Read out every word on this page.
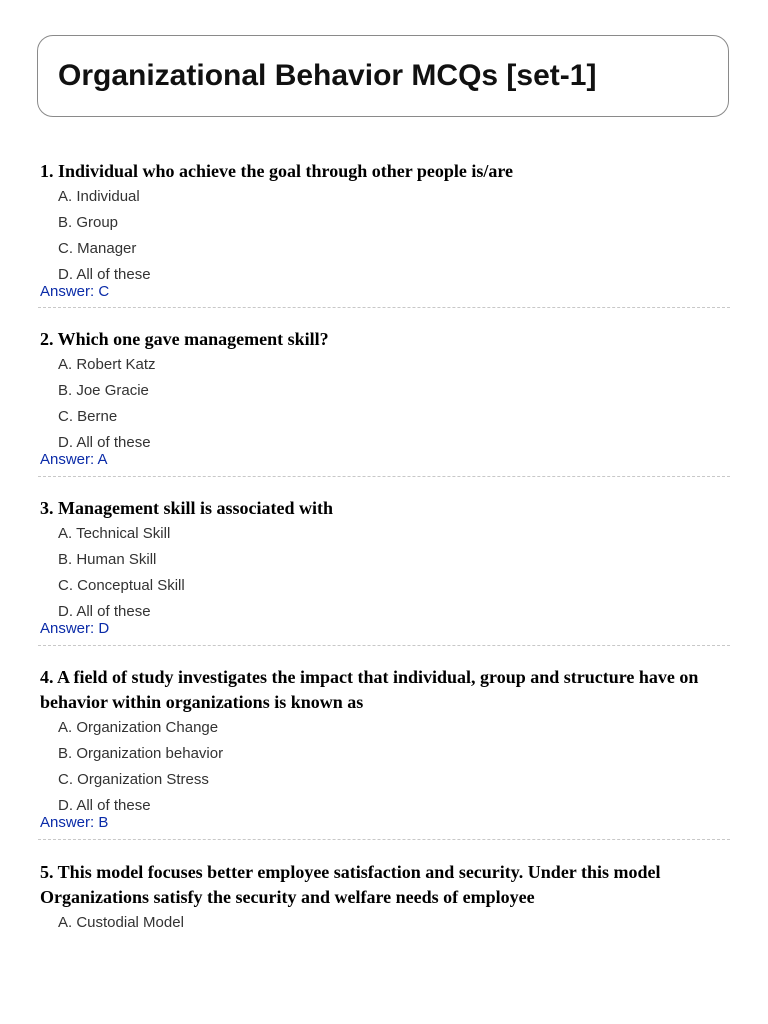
Organizational Behavior MCQs [set-1]
1. Individual who achieve the goal through other people is/are
A. Individual
B. Group
C. Manager
D. All of these
Answer: C
2. Which one gave management skill?
A. Robert Katz
B. Joe Gracie
C. Berne
D. All of these
Answer: A
3. Management skill is associated with
A. Technical Skill
B. Human Skill
C. Conceptual Skill
D. All of these
Answer: D
4. A field of study investigates the impact that individual, group and structure have on behavior within organizations is known as
A. Organization Change
B. Organization behavior
C. Organization Stress
D. All of these
Answer: B
5. This model focuses better employee satisfaction and security. Under this model Organizations satisfy the security and welfare needs of employee
A. Custodial Model
